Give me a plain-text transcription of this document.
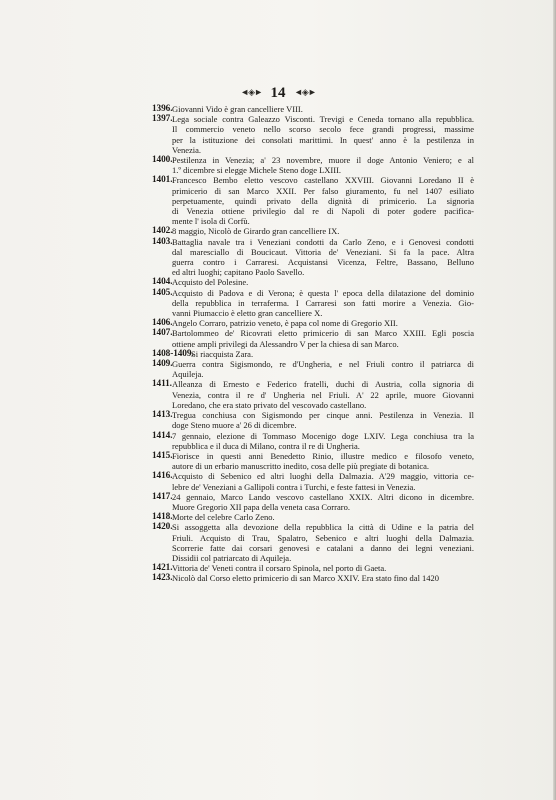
◄◈► 14 ◄◈►
1396. Giovanni Vido è gran cancelliere VIII.
1397. Lega sociale contra Galeazzo Visconti. Trevigi e Ceneda tornano alla repubblica.
Il commercio veneto nello scorso secolo fece grandi progressi, massime
per la istituzione dei consolati marittimi. In quest' anno è la pestilenza in
Venezia.
1400. Pestilenza in Venezia; a' 23 novembre, muore il doge Antonio Veniero; e al
1.º dicembre si elegge Michele Steno doge LXIII.
1401. Francesco Bembo eletto vescovo castellano XXVIII. Giovanni Loredano II è
primicerio di san Marco XXII. Per falso giuramento, fu nel 1407 esiliato
perpetuamente, quindi privato della dignità di primicerio. La signoria
di Venezia ottiene privilegio dal re di Napoli di poter godere pacifica-
mente l' isola di Corfù.
1402. 8 maggio, Nicolò de Girardo gran cancelliere IX.
1403. Battaglia navale tra i Veneziani condotti da Carlo Zeno, e i Genovesi condotti
dal maresciallo di Boucicaut. Vittoria de' Veneziani. Si fa la pace. Altra
guerra contro i Carraresi. Acquistansi Vicenza, Feltre, Bassano, Belluno
ed altri luoghi; capitano Paolo Savello.
1404. Acquisto del Polesine.
1405. Acquisto di Padova e di Verona; è questa l' epoca della dilatazione del dominio
della repubblica in terraferma. I Carraresi son fatti morire a Venezia. Gio-
vanni Piumaccio è eletto gran cancelliere X.
1406. Angelo Corraro, patrizio veneto, è papa col nome di Gregorio XII.
1407. Bartolommeo de' Ricovrati eletto primicerio di san Marco XXIII. Egli poscia
ottiene ampli privilegi da Alessandro V per la chiesa di san Marco.
1408-1409.
Si riacquista Zara.
1409. Guerra contra Sigismondo, re d'Ungheria, e nel Friuli contro il patriarca di
Aquileja.
1411. Alleanza di Ernesto e Federico fratelli, duchi di Austria, colla signoria di
Venezia, contra il re d' Ungheria nel Friuli. A' 22 aprile, muore Giovanni
Loredano, che era stato privato del vescovado castellano.
1413. Tregua conchiusa con Sigismondo per cinque anni. Pestilenza in Venezia. Il
doge Steno muore a' 26 di dicembre.
1414. 7 gennaio, elezione di Tommaso Mocenigo doge LXIV. Lega conchiusa tra la
repubblica e il duca di Milano, contra il re di Ungheria.
1415. Fiorisce in questi anni Benedetto Rinio, illustre medico e filosofo veneto,
autore di un erbario manuscritto inedito, cosa delle più pregiate di botanica.
1416. Acquisto di Sebenico ed altri luoghi della Dalmazia. A'29 maggio, vittoria ce-
lebre de' Veneziani a Gallipoli contra i Turchi, e feste fattesi in Venezia.
1417. 24 gennaio, Marco Lando vescovo castellano XXIX. Altri dicono in dicembre.
Muore Gregorio XII papa della veneta casa Corraro.
1418. Morte del celebre Carlo Zeno.
1420. Si assoggetta alla devozione della repubblica la città di Udine e la patria del
Friuli. Acquisto di Trau, Spalatro, Sebenico e altri luoghi della Dalmazia.
Scorrerie fatte dai corsari genovesi e catalani a danno dei legni veneziani.
Dissidii col patriarcato di Aquileja.
1421. Vittoria de' Veneti contra il corsaro Spinola, nel porto di Gaeta.
1423. Nicolò dal Corso eletto primicerio di san Marco XXIV. Era stato fino dal 1420
